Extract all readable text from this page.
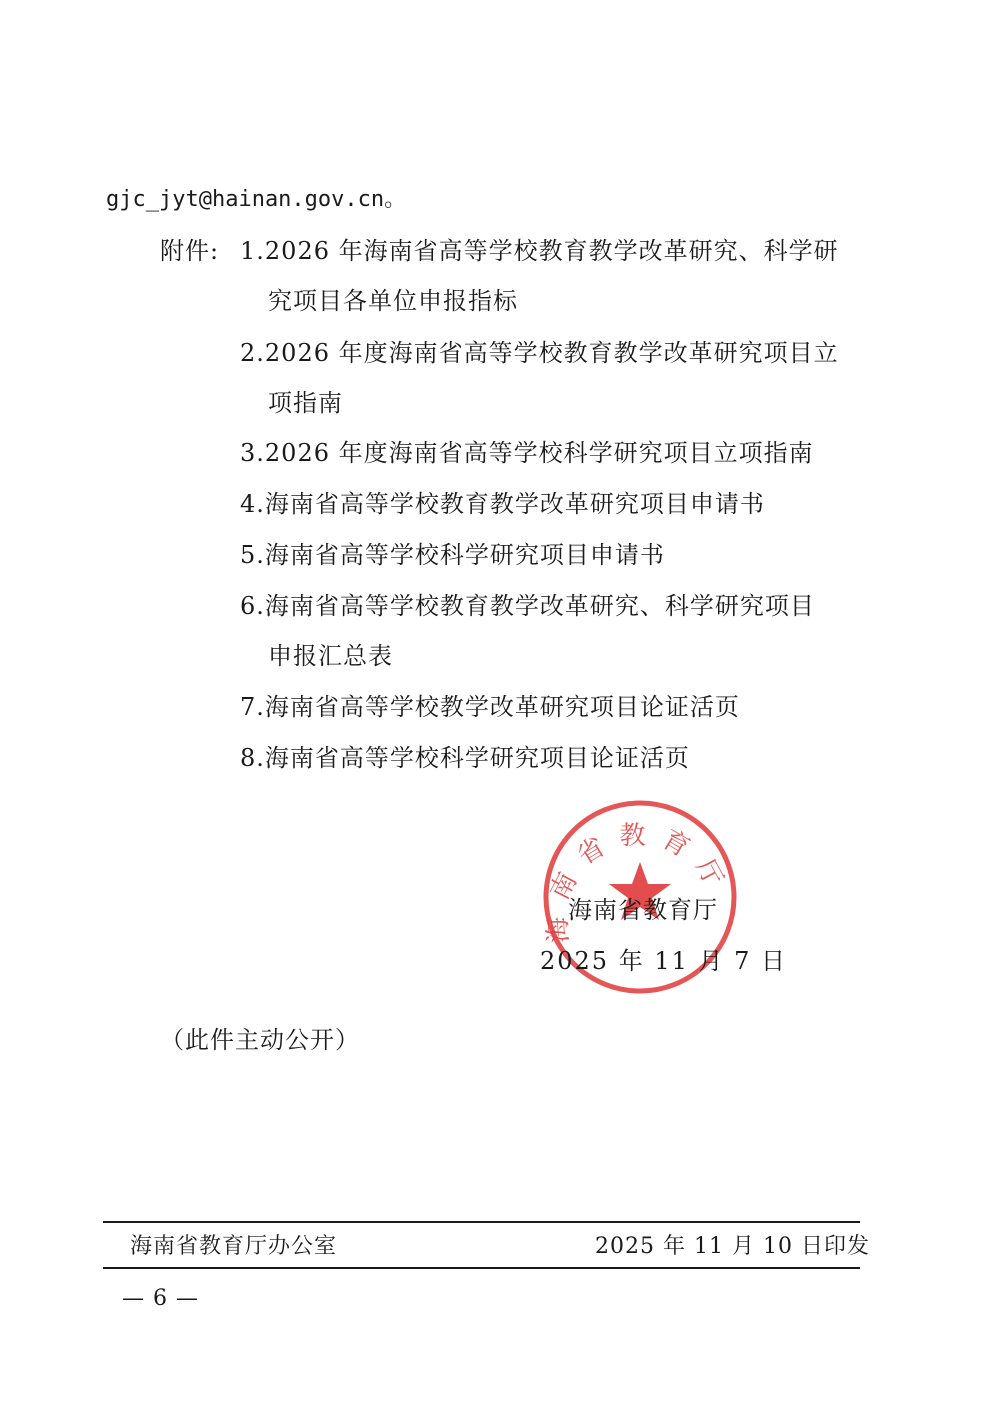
gjc_jyt@hainan.gov.cn。
附件: 1.2026 年海南省高等学校教育教学改革研究、科学研
究项目各单位申报指标
2.2026 年度海南省高等学校教育教学改革研究项目立
项指南
3.2026 年度海南省高等学校科学研究项目立项指南
4.海南省高等学校教育教学改革研究项目申请书
5.海南省高等学校科学研究项目申请书
6.海南省高等学校教育教学改革研究、科学研究项目
申报汇总表
7.海南省高等学校教学改革研究项目论证活页
8.海南省高等学校科学研究项目论证活页
海南省教育厅
海南省教育厅
2025 年 11 月 7 日
（此件主动公开）
海南省教育厅办公室	2025 年 11 月 10 日印发
— 6 —
